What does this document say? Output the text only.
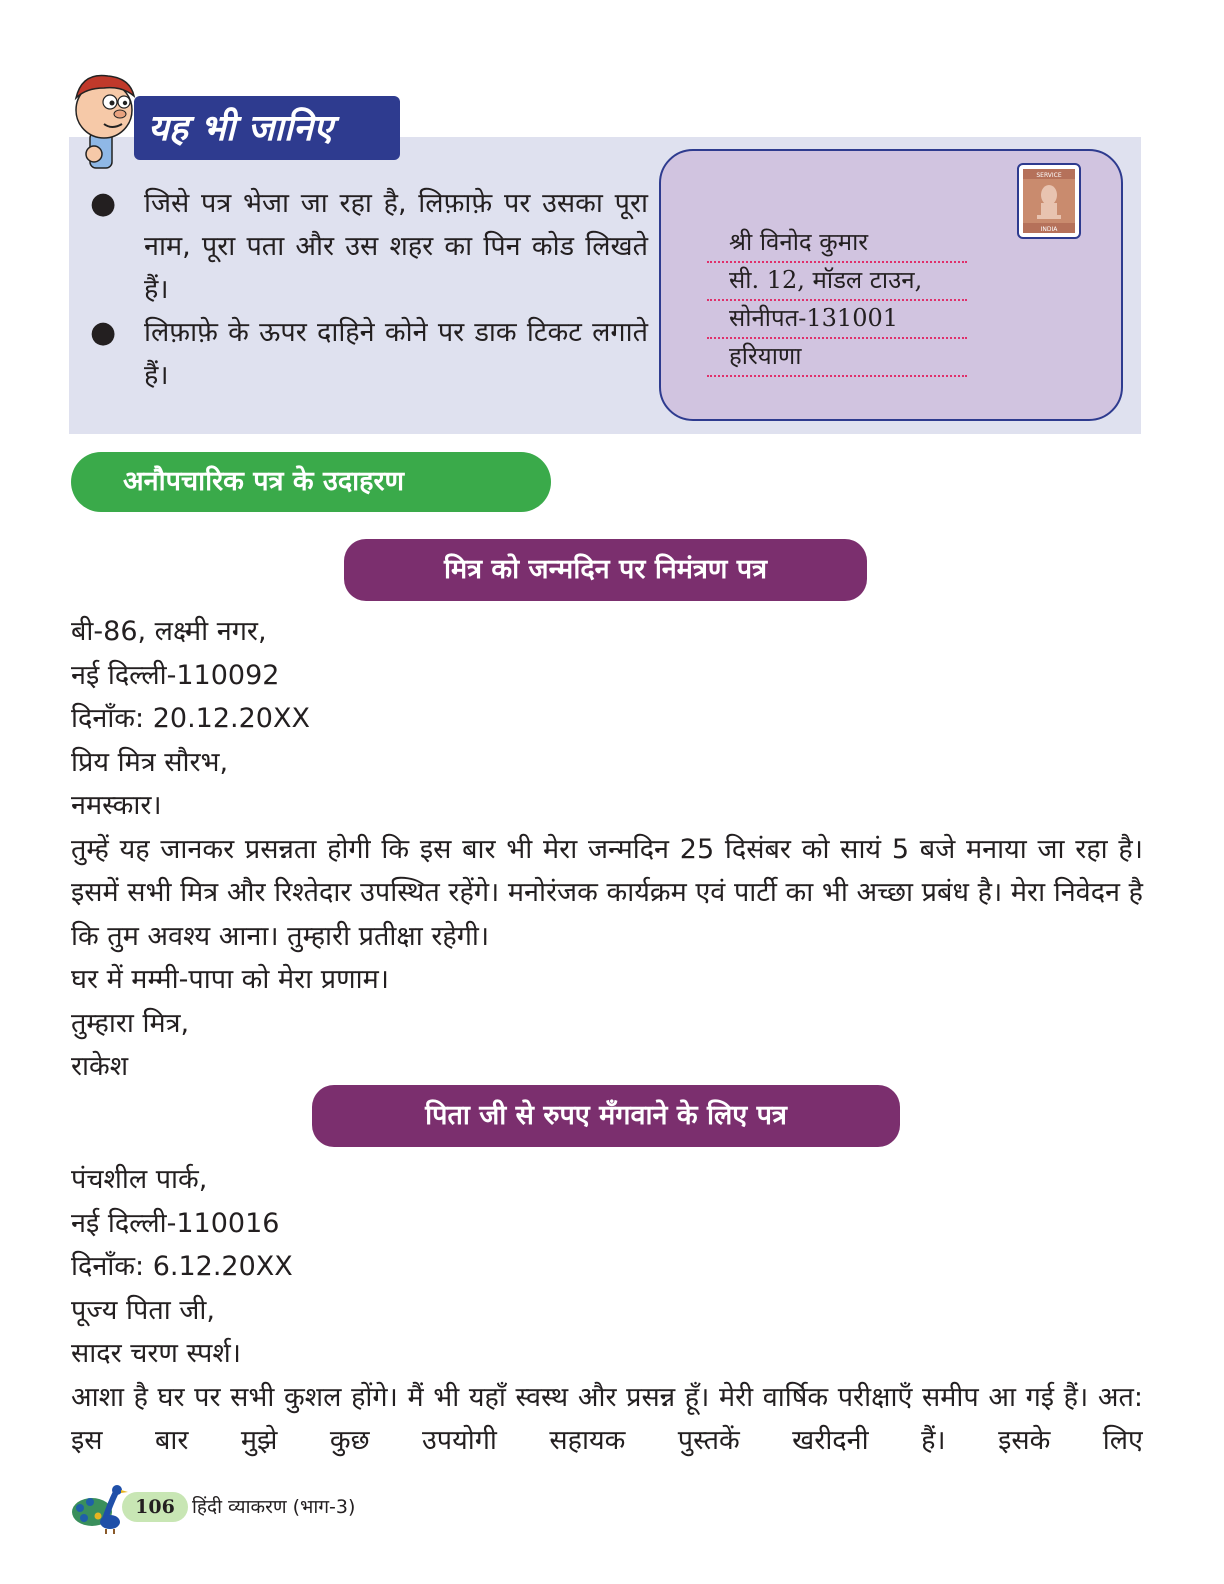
यह भी जानिए
● जिसे पत्र भेजा जा रहा है, लिफ़ाफ़े पर उसका पूरा नाम, पूरा पता और उस शहर का पिन कोड लिखते हैं।
● लिफ़ाफ़े के ऊपर दाहिने कोने पर डाक टिकट लगाते हैं।
SERVICE
INDIA
श्री विनोद कुमार
सी. 12, मॉडल टाउन,
सोनीपत-131001
हरियाणा
अनौपचारिक पत्र के उदाहरण
मित्र को जन्मदिन पर निमंत्रण पत्र
बी-86, लक्ष्मी नगर,
नई दिल्ली-110092
दिनाँक: 20.12.20XX
प्रिय मित्र सौरभ,
नमस्कार।
तुम्हें यह जानकर प्रसन्नता होगी कि इस बार भी मेरा जन्मदिन 25 दिसंबर को सायं 5 बजे मनाया जा रहा है। इसमें सभी मित्र और रिश्तेदार उपस्थित रहेंगे। मनोरंजक कार्यक्रम एवं पार्टी का भी अच्छा प्रबंध है। मेरा निवेदन है कि तुम अवश्य आना। तुम्हारी प्रतीक्षा रहेगी।
घर में मम्मी-पापा को मेरा प्रणाम।
तुम्हारा मित्र,
राकेश
पिता जी से रुपए मँगवाने के लिए पत्र
पंचशील पार्क,
नई दिल्ली-110016
दिनाँक: 6.12.20XX
पूज्य पिता जी,
सादर चरण स्पर्श।
आशा है घर पर सभी कुशल होंगे। मैं भी यहाँ स्वस्थ और प्रसन्न हूँ। मेरी वार्षिक परीक्षाएँ समीप आ गई हैं। अत: इस बार मुझे कुछ उपयोगी सहायक पुस्तकें खरीदनी हैं। इसके लिए
106 हिंदी व्याकरण (भाग-3)
